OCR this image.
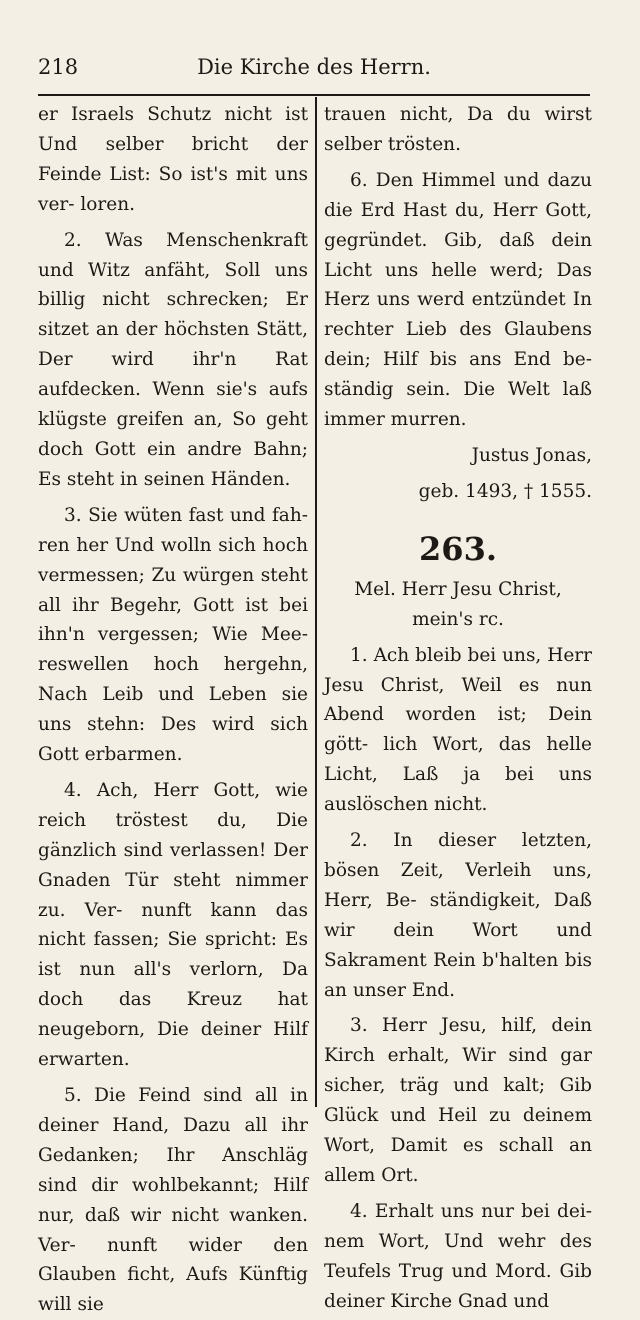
218	Die Kirche des Herrn.

er Israels Schutz nicht ist Und selber bricht der Feinde List: So ist's mit uns ver- loren.

2. Was Menschenkraft und Witz anfäht, Soll uns billig nicht schrecken; Er sitzet an der höchsten Stätt, Der wird ihr'n Rat aufdecken. Wenn sie's aufs klügste greifen an, So geht doch Gott ein andre Bahn; Es steht in seinen Händen.

3. Sie wüten fast und fah- ren her Und wolln sich hoch vermessen; Zu würgen steht all ihr Begehr, Gott ist bei ihn'n vergessen; Wie Mee- reswellen hoch hergehn, Nach Leib und Leben sie uns stehn: Des wird sich Gott erbarmen.

4. Ach, Herr Gott, wie reich tröstest du, Die gänzlich sind verlassen! Der Gnaden Tür steht nimmer zu. Ver- nunft kann das nicht fassen; Sie spricht: Es ist nun all's verlorn, Da doch das Kreuz hat neugeborn, Die deiner Hilf erwarten.

5. Die Feind sind all in deiner Hand, Dazu all ihr Gedanken; Ihr Anschläg sind dir wohlbekannt; Hilf nur, daß wir nicht wanken. Ver- nunft wider den Glauben ficht, Aufs Künftig will sie

trauen nicht, Da du wirst selber trösten.

6. Den Himmel und dazu die Erd Hast du, Herr Gott, gegründet. Gib, daß dein Licht uns helle werd; Das Herz uns werd entzündet In rechter Lieb des Glaubens dein; Hilf bis ans End be- ständig sein. Die Welt laß immer murren.

Justus Jonas,

geb. 1493, † 1555.

263.

Mel. Herr Jesu Christ, mein's rc.

1. Ach bleib bei uns, Herr Jesu Christ, Weil es nun Abend worden ist; Dein gött- lich Wort, das helle Licht, Laß ja bei uns auslöschen nicht.

2. In dieser letzten, bösen Zeit, Verleih uns, Herr, Be- ständigkeit, Daß wir dein Wort und Sakrament Rein b'halten bis an unser End.

3. Herr Jesu, hilf, dein Kirch erhalt, Wir sind gar sicher, träg und kalt; Gib Glück und Heil zu deinem Wort, Damit es schall an allem Ort.

4. Erhalt uns nur bei dei- nem Wort, Und wehr des Teufels Trug und Mord. Gib deiner Kirche Gnad und
